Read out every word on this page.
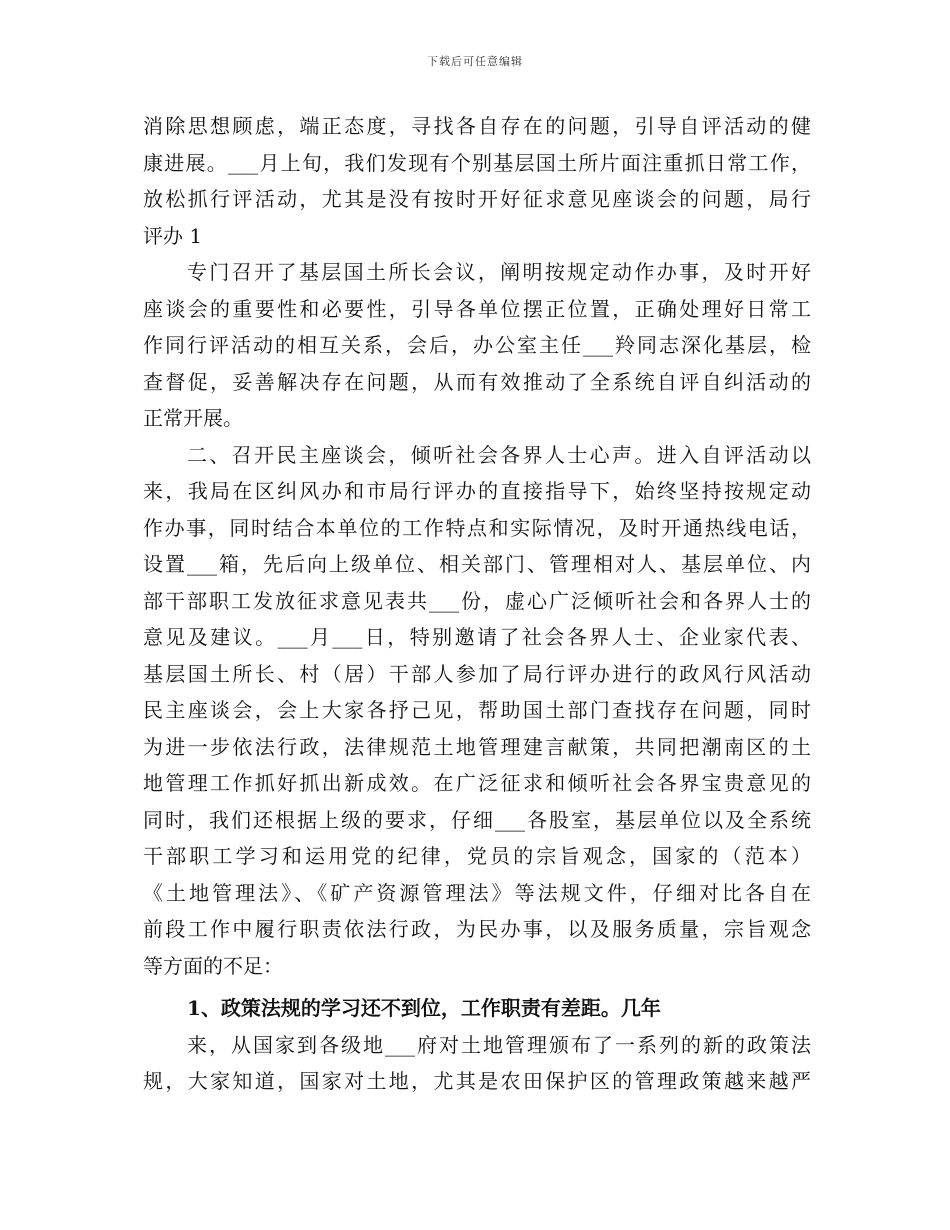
下载后可任意编辑
消除思想顾虑，端正态度，寻找各自存在的问题，引导自评活动的健
康进展。___月上旬，我们发现有个别基层国土所片面注重抓日常工作，
放松抓行评活动，尤其是没有按时开好征求意见座谈会的问题，局行
评办 1
专门召开了基层国土所长会议，阐明按规定动作办事，及时开好
座谈会的重要性和必要性，引导各单位摆正位置，正确处理好日常工
作同行评活动的相互关系，会后，办公室主任___羚同志深化基层，检
查督促，妥善解决存在问题，从而有效推动了全系统自评自纠活动的
正常开展。
二、召开民主座谈会，倾听社会各界人士心声。进入自评活动以
来，我局在区纠风办和市局行评办的直接指导下，始终坚持按规定动
作办事，同时结合本单位的工作特点和实际情况，及时开通热线电话，
设置___箱，先后向上级单位、相关部门、管理相对人、基层单位、内
部干部职工发放征求意见表共___份，虚心广泛倾听社会和各界人士的
意见及建议。___月___日，特别邀请了社会各界人士、企业家代表、
基层国土所长、村（居）干部人参加了局行评办进行的政风行风活动
民主座谈会，会上大家各抒己见，帮助国土部门查找存在问题，同时
为进一步依法行政，法律规范土地管理建言献策，共同把潮南区的土
地管理工作抓好抓出新成效。在广泛征求和倾听社会各界宝贵意见的
同时，我们还根据上级的要求，仔细___各股室，基层单位以及全系统
干部职工学习和运用党的纪律，党员的宗旨观念，国家的（范本）
《土地管理法》、《矿产资源管理法》等法规文件，仔细对比各自在
前段工作中履行职责依法行政，为民办事，以及服务质量，宗旨观念
等方面的不足：
1、政策法规的学习还不到位，工作职责有差距。几年
来，从国家到各级地___府对土地管理颁布了一系列的新的政策法
规，大家知道，国家对土地，尤其是农田保护区的管理政策越来越严
